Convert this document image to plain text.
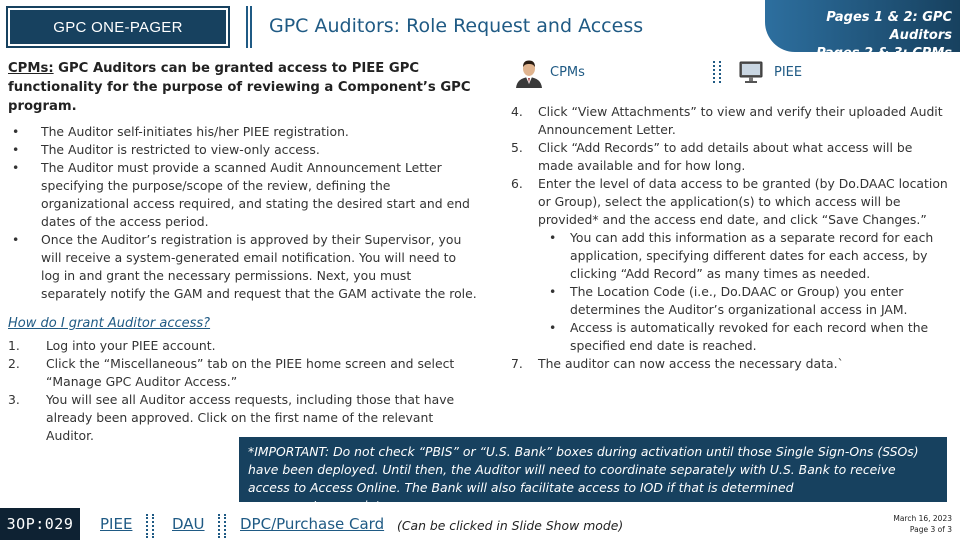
GPC ONE-PAGER	GPC Auditors: Role Request and Access	Pages 1 & 2: GPC Auditors
Pages 2 & 3: CPMs
CPMs: GPC Auditors can be granted access to PIEE GPC functionality for the purpose of reviewing a Component’s GPC program.
• The Auditor self-initiates his/her PIEE registration.
• The Auditor is restricted to view-only access.
• The Auditor must provide a scanned Audit Announcement Letter specifying the purpose/scope of the review, defining the organizational access required, and stating the desired start and end dates of the access period.
• Once the Auditor’s registration is approved by their Supervisor, you will receive a system-generated email notification. You will need to log in and grant the necessary permissions. Next, you must separately notify the GAM and request that the GAM activate the role.
How do I grant Auditor access?
1. Log into your PIEE account.
2. Click the “Miscellaneous” tab on the PIEE home screen and select “Manage GPC Auditor Access.”
3. You will see all Auditor access requests, including those that have already been approved. Click on the first name of the relevant Auditor.
CPMs	PIEE
4. Click “View Attachments” to view and verify their uploaded Audit Announcement Letter.
5. Click “Add Records” to add details about what access will be made available and for how long.
6. Enter the level of data access to be granted (by Do.DAAC location or Group), select the application(s) to which access will be provided* and the access end date, and click “Save Changes.”
• You can add this information as a separate record for each application, specifying different dates for each access, by clicking “Add Record” as many times as needed.
• The Location Code (i.e., Do.DAAC or Group) you enter determines the Auditor’s organizational access in JAM.
• Access is automatically revoked for each record when the specified end date is reached.
7. The auditor can now access the necessary data.`
*IMPORTANT: Do not check “PBIS” or “U.S. Bank” boxes during activation until those Single Sign-Ons (SSOs) have been deployed. Until then, the Auditor will need to coordinate separately with U.S. Bank to receive access to Access Online. The Bank will also facilitate access to IOD if that is determined necessary/appropriate.
3OP:029	PIEE	DAU DPC/Purchase Card (Can be clicked in Slide Show mode)	March 16, 2023
Page 3 of 3
